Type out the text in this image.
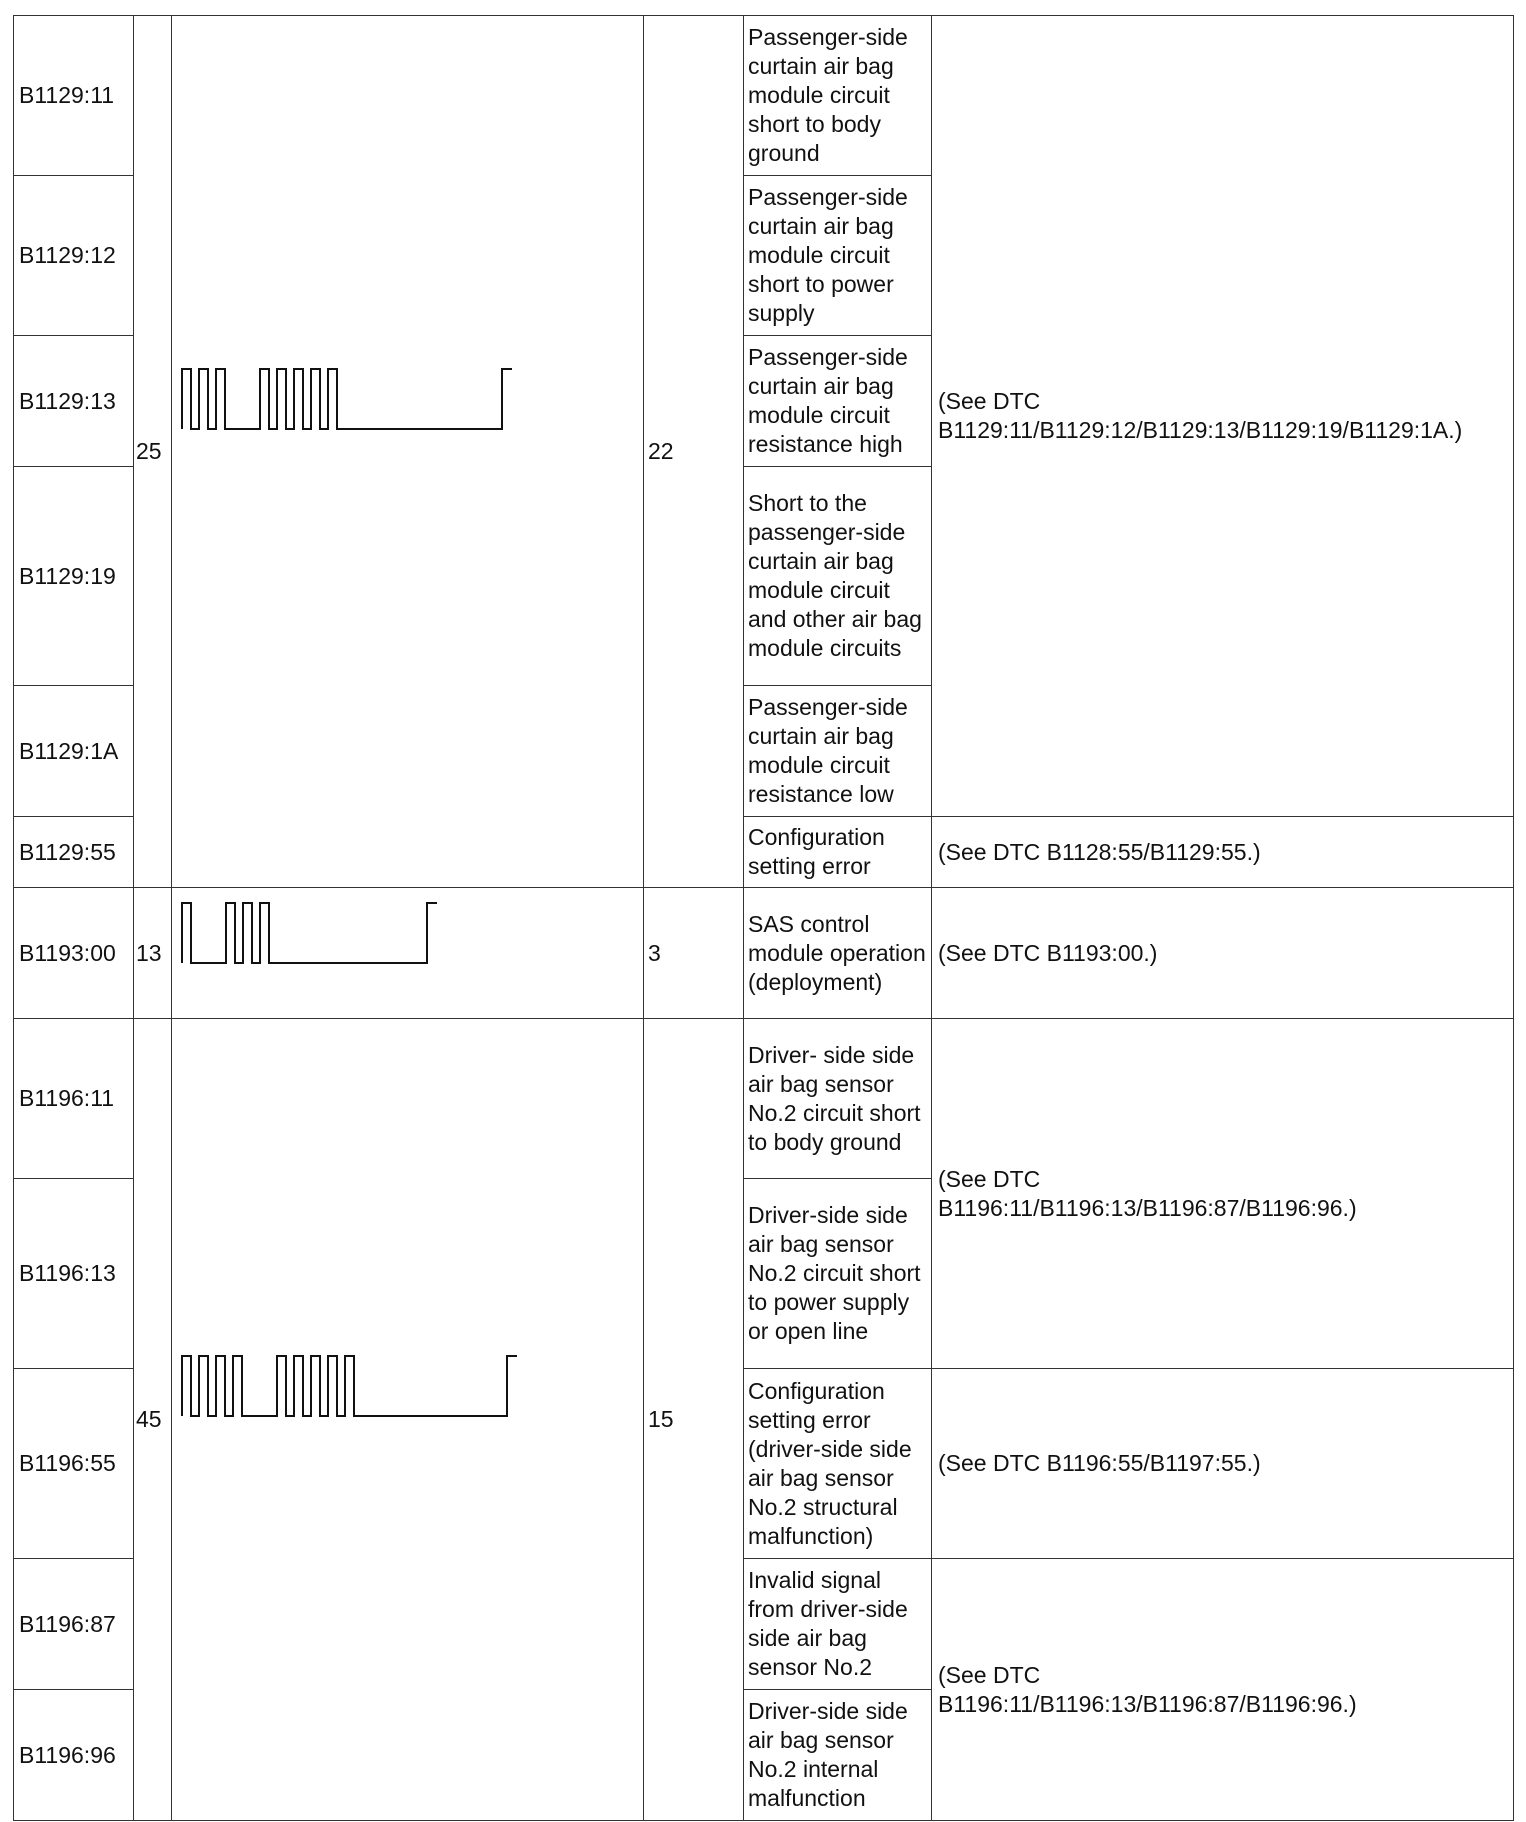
B1129:11	25		22	Passenger-side curtain air bag module circuit short to body ground	(See DTC
B1129:11/B1129:12/B1129:13/B1129:19/B1129:1A.)

B1129:12				Passenger-side curtain air bag module circuit short to power supply	
B1129:13				Passenger-side curtain air bag module circuit resistance high	
B1129:19				Short to the passenger-side curtain air bag module circuit and other air bag module circuits	
B1129:1A				Passenger-side curtain air bag module circuit resistance low	
B1129:55				Configuration setting error	(See DTC B1128:55/B1129:55.)

B1193:00	13		3	SAS control module operation (deployment)	(See DTC B1193:00.)

B1196:11	45		15	Driver- side side air bag sensor No.2 circuit short to body ground	(See DTC
B1196:11/B1196:13/B1196:87/B1196:96.)

B1196:13				Driver-side side air bag sensor No.2 circuit short to power supply or open line	
B1196:55				Configuration setting error (driver-side side air bag sensor No.2 structural malfunction)	(See DTC B1196:55/B1197:55.)

B1196:87				Invalid signal from driver-side side air bag sensor No.2	(See DTC
B1196:11/B1196:13/B1196:87/B1196:96.)

B1196:96				Driver-side side air bag sensor No.2 internal malfunction	
